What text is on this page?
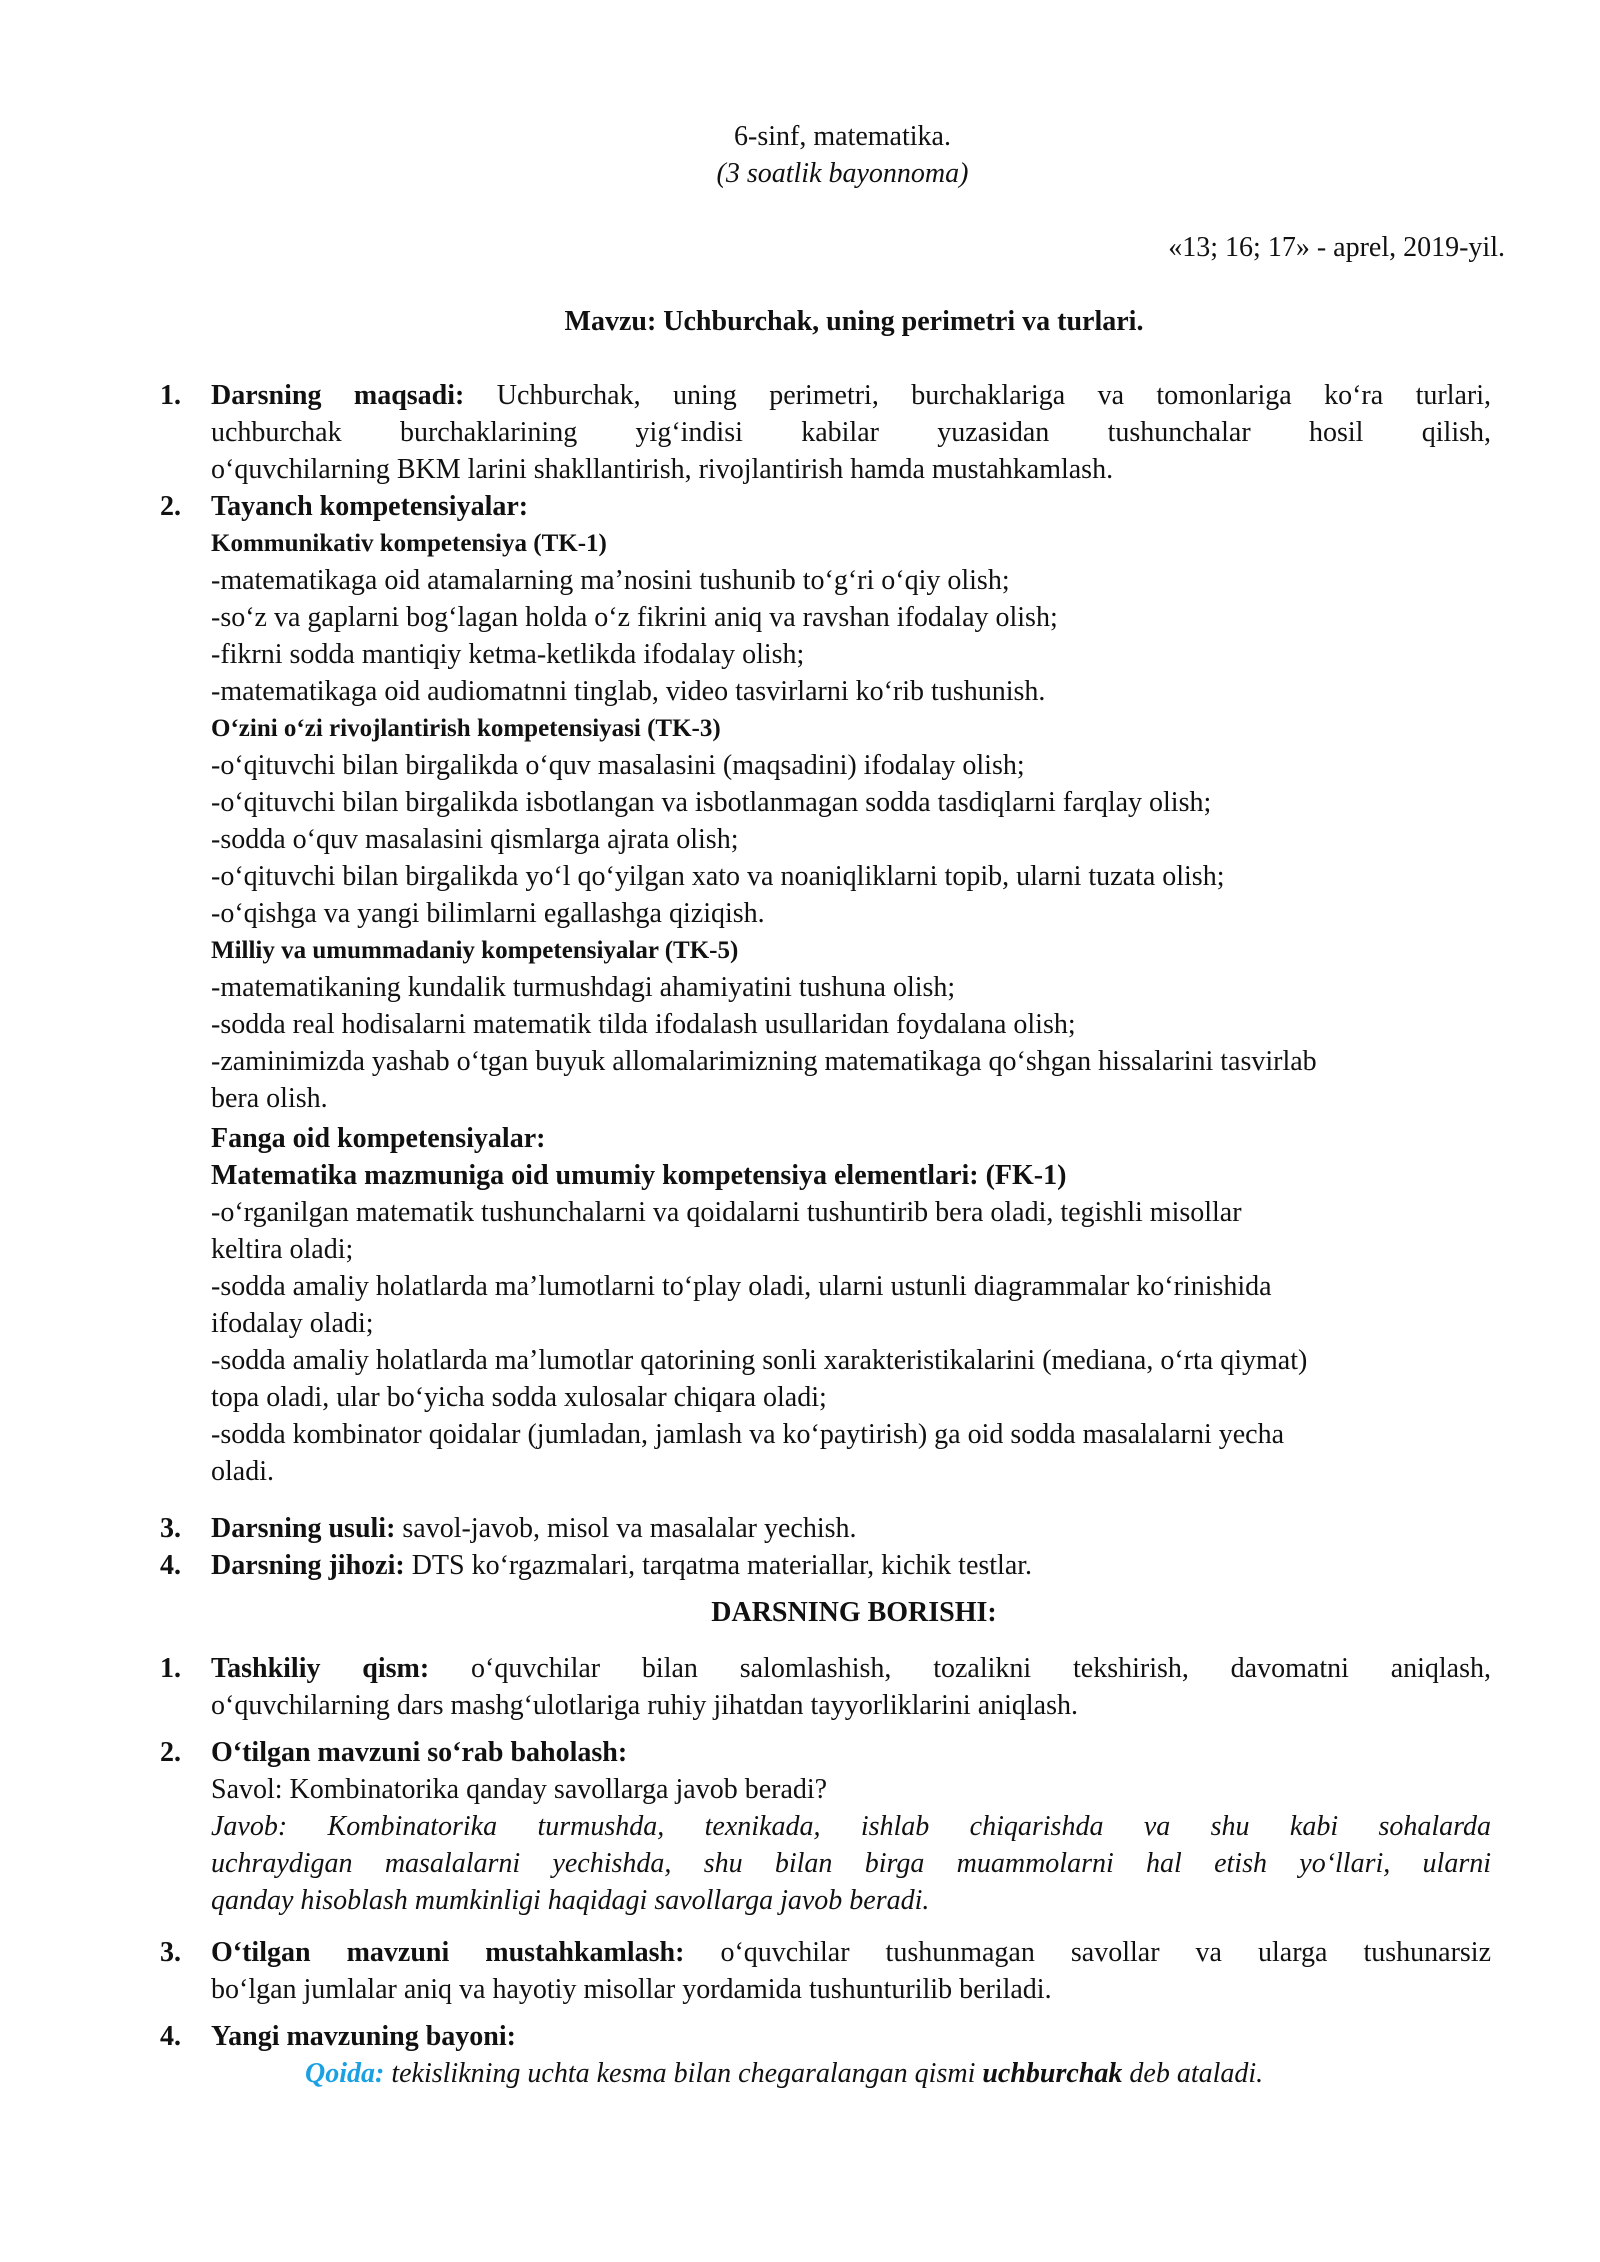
6-sinf, matematika.
(3 soatlik bayonnoma)
«13; 16; 17» - aprel, 2019-yil.
Mavzu: Uchburchak, uning perimetri va turlari.
1. Darsning maqsadi: Uchburchak, uning perimetri, burchaklariga va tomonlariga koʻra turlari,
uchburchak burchaklarining yigʻindisi kabilar yuzasidan tushunchalar hosil qilish,
oʻquvchilarning BKM larini shakllantirish, rivojlantirish hamda mustahkamlash.
2. Tayanch kompetensiyalar:
Kommunikativ kompetensiya (TK-1)
-matematikaga oid atamalarning ma’nosini tushunib toʻgʻri oʻqiy olish;
-soʻz va gaplarni bogʻlagan holda oʻz fikrini aniq va ravshan ifodalay olish;
-fikrni sodda mantiqiy ketma-ketlikda ifodalay olish;
-matematikaga oid audiomatnni tinglab, video tasvirlarni koʻrib tushunish.
Oʻzini oʻzi rivojlantirish kompetensiyasi (TK-3)
-oʻqituvchi bilan birgalikda oʻquv masalasini (maqsadini) ifodalay olish;
-oʻqituvchi bilan birgalikda isbotlangan va isbotlanmagan sodda tasdiqlarni farqlay olish;
-sodda oʻquv masalasini qismlarga ajrata olish;
-oʻqituvchi bilan birgalikda yoʻl qoʻyilgan xato va noaniqliklarni topib, ularni tuzata olish;
-oʻqishga va yangi bilimlarni egallashga qiziqish.
Milliy va umummadaniy kompetensiyalar (TK-5)
-matematikaning kundalik turmushdagi ahamiyatini tushuna olish;
-sodda real hodisalarni matematik tilda ifodalash usullaridan foydalana olish;
-zaminimizda yashab oʻtgan buyuk allomalarimizning matematikaga qoʻshgan hissalarini tasvirlab
bera olish.
Fanga oid kompetensiyalar:
Matematika mazmuniga oid umumiy kompetensiya elementlari: (FK-1)
-oʻrganilgan matematik tushunchalarni va qoidalarni tushuntirib bera oladi, tegishli misollar
keltira oladi;
-sodda amaliy holatlarda ma’lumotlarni toʻplay oladi, ularni ustunli diagrammalar koʻrinishida
ifodalay oladi;
-sodda amaliy holatlarda ma’lumotlar qatorining sonli xarakteristikalarini (mediana, oʻrta qiymat)
topa oladi, ular boʻyicha sodda xulosalar chiqara oladi;
-sodda kombinator qoidalar (jumladan, jamlash va koʻpaytirish) ga oid sodda masalalarni yecha
oladi.
3. Darsning usuli: savol-javob, misol va masalalar yechish.
4. Darsning jihozi: DTS koʻrgazmalari, tarqatma materiallar, kichik testlar.
DARSNING BORISHI:
1. Tashkiliy qism: oʻquvchilar bilan salomlashish, tozalikni tekshirish, davomatni aniqlash,
oʻquvchilarning dars mashgʻulotlariga ruhiy jihatdan tayyorliklarini aniqlash.
2. Oʻtilgan mavzuni soʻrab baholash:
Savol: Kombinatorika qanday savollarga javob beradi?
Javob: Kombinatorika turmushda, texnikada, ishlab chiqarishda va shu kabi sohalarda
uchraydigan masalalarni yechishda, shu bilan birga muammolarni hal etish yoʻllari, ularni
qanday hisoblash mumkinligi haqidagi savollarga javob beradi.
3. Oʻtilgan mavzuni mustahkamlash: oʻquvchilar tushunmagan savollar va ularga tushunarsiz
boʻlgan jumlalar aniq va hayotiy misollar yordamida tushunturilib beriladi.
4. Yangi mavzuning bayoni:
Qoida: tekislikning uchta kesma bilan chegaralangan qismi uchburchak deb ataladi.
